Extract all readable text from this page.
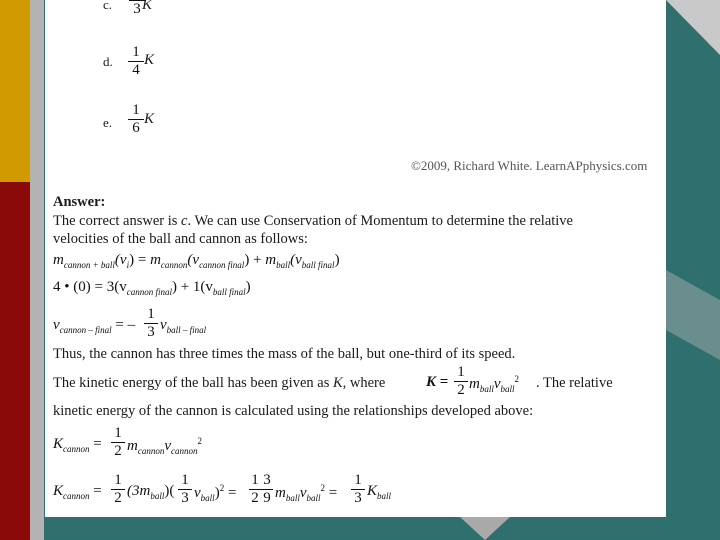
c. 3 K
d. $\frac{1}{4}$ K
e. $\frac{1}{6}$ K
©2009, Richard White. LearnAPphysics.com
Answer:
The correct answer is c. We can use Conservation of Momentum to determine the relative
velocities of the ball and cannon as follows:
$m_{cannon + ball}(v_i) = m_{cannon}(v_{cannon final}) + m_{ball}(v_{ball final})$
4 • $(0) = 3(v_{cannon final}) + 1(v_{ball final})$
$v_{cannon - final}$ = – $\frac{1}{3} v_{ball - final}$
Thus, the cannon has three times the mass of the ball, but one-third of its speed.
The kinetic energy of the ball has been given as K, where	$K = \frac{1}{2} m_{ball}v_{ball}^2$ . The relative
kinetic energy of the cannon is calculated using the relationships developed above:
$K_{cannon} = \frac{1}{2} m_{cannon}v_{cannon}^2$
$K_{cannon} = \frac{1}{2} (3m_{ball})( \frac{1}{3} v_{ball})^2 = \frac{1}{2} \frac{3}{9} m_{ball}v_{ball}^2 = \frac{1}{3} K_{ball}$
